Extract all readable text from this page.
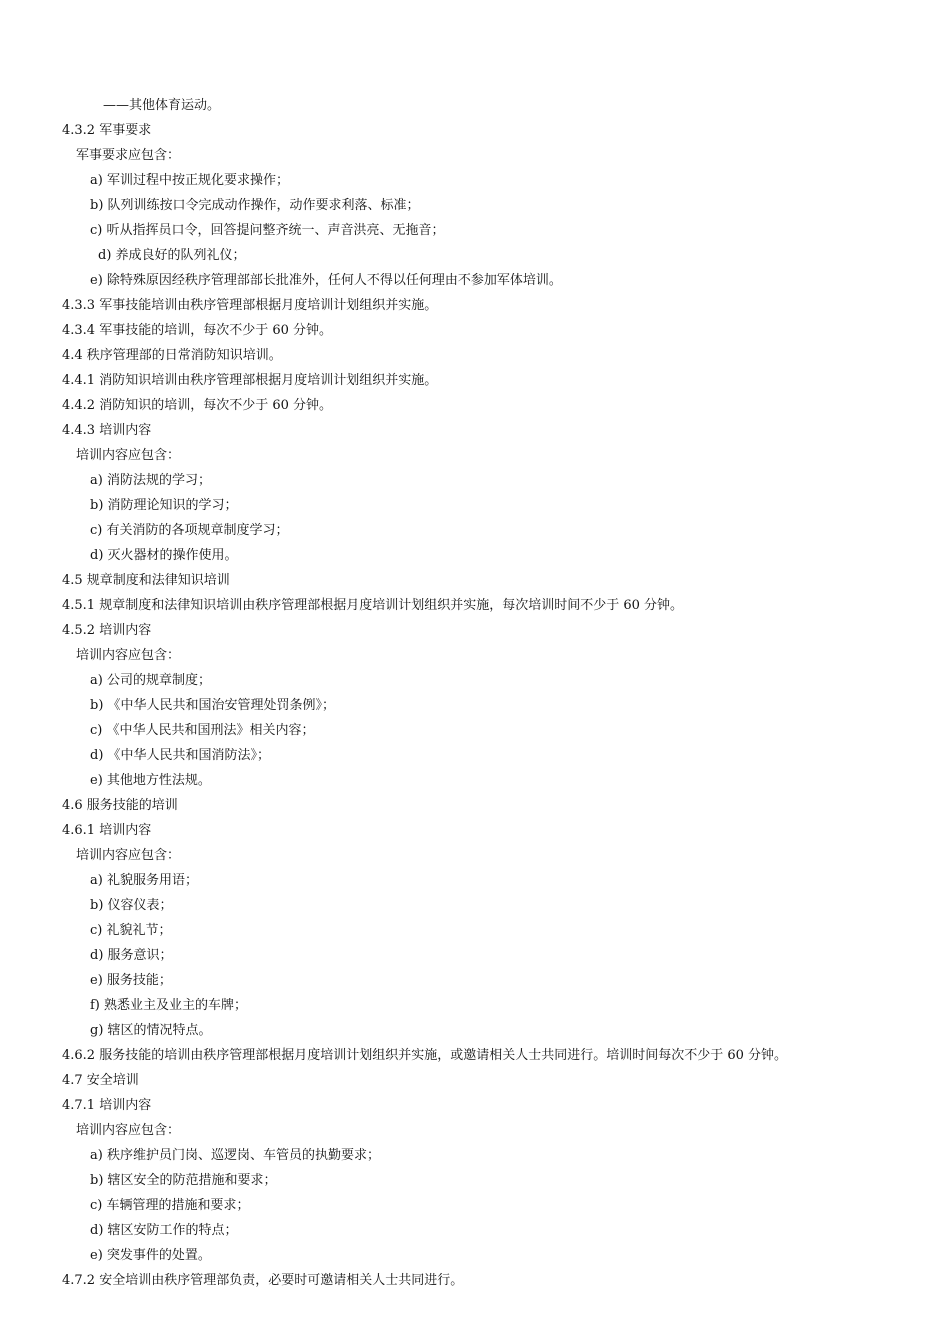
——其他体育运动。
4.3.2 军事要求
军事要求应包含：
a) 军训过程中按正规化要求操作；
b) 队列训练按口令完成动作操作，动作要求利落、标准；
c) 听从指挥员口令，回答提问整齐统一、声音洪亮、无拖音；
d) 养成良好的队列礼仪；
e) 除特殊原因经秩序管理部部长批准外，任何人不得以任何理由不参加军体培训。
4.3.3 军事技能培训由秩序管理部根据月度培训计划组织并实施。
4.3.4 军事技能的培训，每次不少于 60 分钟。
4.4 秩序管理部的日常消防知识培训。
4.4.1 消防知识培训由秩序管理部根据月度培训计划组织并实施。
4.4.2 消防知识的培训，每次不少于 60 分钟。
4.4.3 培训内容
培训内容应包含：
a) 消防法规的学习；
b) 消防理论知识的学习；
c) 有关消防的各项规章制度学习；
d) 灭火器材的操作使用。
4.5 规章制度和法律知识培训
4.5.1 规章制度和法律知识培训由秩序管理部根据月度培训计划组织并实施，每次培训时间不少于 60 分钟。
4.5.2 培训内容
培训内容应包含：
a) 公司的规章制度；
b) 《中华人民共和国治安管理处罚条例》；
c) 《中华人民共和国刑法》相关内容；
d) 《中华人民共和国消防法》；
e) 其他地方性法规。
4.6 服务技能的培训
4.6.1 培训内容
培训内容应包含：
a) 礼貌服务用语；
b) 仪容仪表；
c) 礼貌礼节；
d) 服务意识；
e) 服务技能；
f) 熟悉业主及业主的车牌；
g) 辖区的情况特点。
4.6.2 服务技能的培训由秩序管理部根据月度培训计划组织并实施，或邀请相关人士共同进行。培训时间每次不少于 60 分钟。
4.7 安全培训
4.7.1 培训内容
培训内容应包含：
a) 秩序维护员门岗、巡逻岗、车管员的执勤要求；
b) 辖区安全的防范措施和要求；
c) 车辆管理的措施和要求；
d) 辖区安防工作的特点；
e) 突发事件的处置。
4.7.2 安全培训由秩序管理部负责，必要时可邀请相关人士共同进行。
